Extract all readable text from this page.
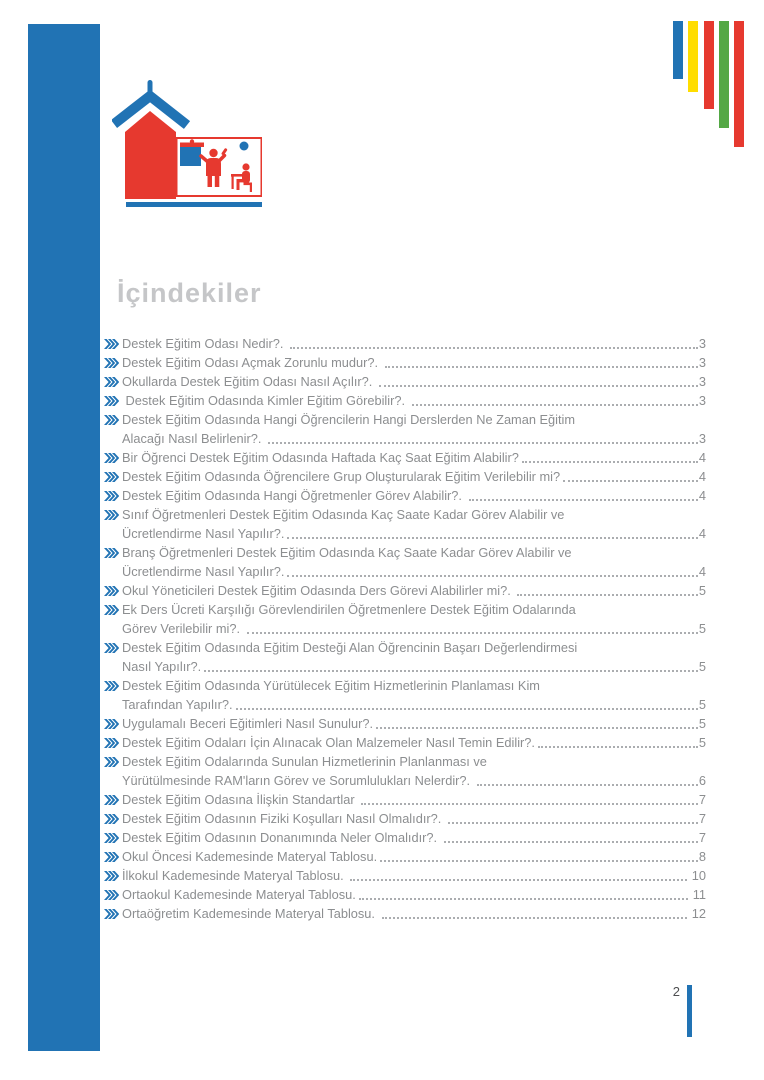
İçindekiler
Destek Eğitim Odası Nedir?.	3
Destek Eğitim Odası Açmak Zorunlu mudur?.	3
Okullarda Destek Eğitim Odası Nasıl Açılır?.	3
Destek Eğitim Odasında Kimler Eğitim Görebilir?.	3
Destek Eğitim Odasında Hangi Öğrencilerin Hangi Derslerden Ne Zaman Eğitim
Alacağı Nasıl Belirlenir?.	3
Bir Öğrenci Destek Eğitim Odasında Haftada Kaç Saat Eğitim Alabilir?	4
Destek Eğitim Odasında Öğrencilere Grup Oluşturularak Eğitim Verilebilir mi?	4
Destek Eğitim Odasında Hangi Öğretmenler Görev Alabilir?.	4
Sınıf Öğretmenleri Destek Eğitim Odasında Kaç Saate Kadar Görev Alabilir ve
Ücretlendirme Nasıl Yapılır?.	4
Branş Öğretmenleri Destek Eğitim Odasında Kaç Saate Kadar Görev Alabilir ve
Ücretlendirme Nasıl Yapılır?.	4
Okul Yöneticileri Destek Eğitim Odasında Ders Görevi Alabilirler mi?.	5
Ek Ders Ücreti Karşılığı Görevlendirilen Öğretmenlere Destek Eğitim Odalarında
Görev Verilebilir mi?.	5
Destek Eğitim Odasında Eğitim Desteği Alan Öğrencinin Başarı Değerlendirmesi
Nasıl Yapılır?.	5
Destek Eğitim Odasında Yürütülecek Eğitim Hizmetlerinin Planlaması Kim
Tarafından Yapılır?.	5
Uygulamalı Beceri Eğitimleri Nasıl Sunulur?.	5
Destek Eğitim Odaları İçin Alınacak Olan Malzemeler Nasıl Temin Edilir?.	5
Destek Eğitim Odalarında Sunulan Hizmetlerinin Planlanması ve
Yürütülmesinde RAM'ların Görev ve Sorumlulukları Nelerdir?.	6
Destek Eğitim Odasına İlişkin Standartlar	7
Destek Eğitim Odasının Fiziki Koşulları Nasıl Olmalıdır?.	7
Destek Eğitim Odasının Donanımında Neler Olmalıdır?.	7
Okul Öncesi Kademesinde Materyal Tablosu.	8
İlkokul Kademesinde Materyal Tablosu.	10
Ortaokul Kademesinde Materyal Tablosu.	11
Ortaöğretim Kademesinde Materyal Tablosu.	12
2
